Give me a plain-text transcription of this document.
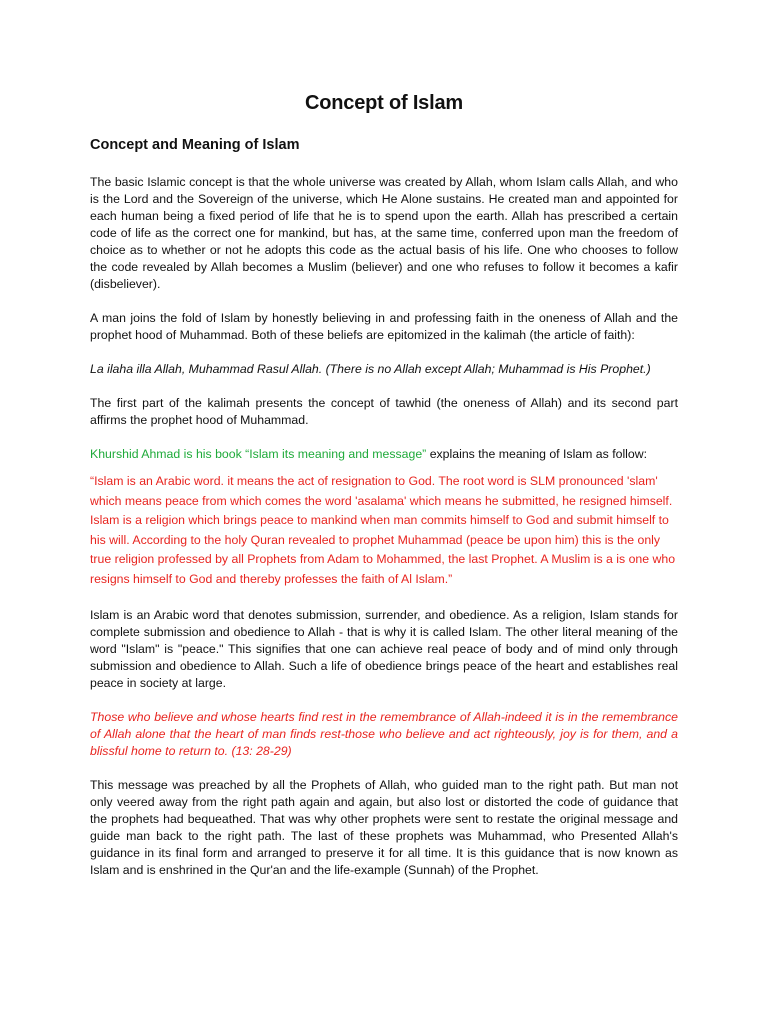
Concept of Islam
Concept and Meaning of Islam

The basic Islamic concept is that the whole universe was created by Allah, whom Islam calls Allah, and who is the Lord and the Sovereign of the universe, which He Alone sustains. He created man and appointed for each human being a fixed period of life that he is to spend upon the earth. Allah has prescribed a certain code of life as the correct one for mankind, but has, at the same time, conferred upon man the freedom of choice as to whether or not he adopts this code as the actual basis of his life. One who chooses to follow the code revealed by Allah becomes a Muslim (believer) and one who refuses to follow it becomes a kafir (disbeliever).

A man joins the fold of Islam by honestly believing in and professing faith in the oneness of Allah and the prophet hood of Muhammad. Both of these beliefs are epitomized in the kalimah (the article of faith):

La ilaha illa Allah, Muhammad Rasul Allah. (There is no Allah except Allah; Muhammad is His Prophet.)

The first part of the kalimah presents the concept of tawhid (the oneness of Allah) and its second part affirms the prophet hood of Muhammad.

Khurshid Ahmad is his book “Islam its meaning and message” explains the meaning of Islam as follow:

“Islam is an Arabic word. it means the act of resignation to God. The root word is SLM pronounced 'slam' which means peace from which comes the word 'asalama' which means he submitted, he resigned himself. Islam is a religion which brings peace to mankind when man commits himself to God and submit himself to his will. According to the holy Quran revealed to prophet Muhammad (peace be upon him) this is the only true religion professed by all Prophets from Adam to Mohammed, the last Prophet. A Muslim is a is one who resigns himself to God and thereby professes the faith of Al Islam.”

Islam is an Arabic word that denotes submission, surrender, and obedience. As a religion, Islam stands for complete submission and obedience to Allah - that is why it is called Islam. The other literal meaning of the word "Islam" is "peace." This signifies that one can achieve real peace of body and of mind only through submission and obedience to Allah. Such a life of obedience brings peace of the heart and establishes real peace in society at large.

Those who believe and whose hearts find rest in the remembrance of Allah-indeed it is in the remembrance of Allah alone that the heart of man finds rest-those who believe and act righteously, joy is for them, and a blissful home to return to. (13: 28-29)

This message was preached by all the Prophets of Allah, who guided man to the right path. But man not only veered away from the right path again and again, but also lost or distorted the code of guidance that the prophets had bequeathed. That was why other prophets were sent to restate the original message and guide man back to the right path. The last of these prophets was Muhammad, who Presented Allah's guidance in its final form and arranged to preserve it for all time. It is this guidance that is now known as Islam and is enshrined in the Qur'an and the life-example (Sunnah) of the Prophet.
